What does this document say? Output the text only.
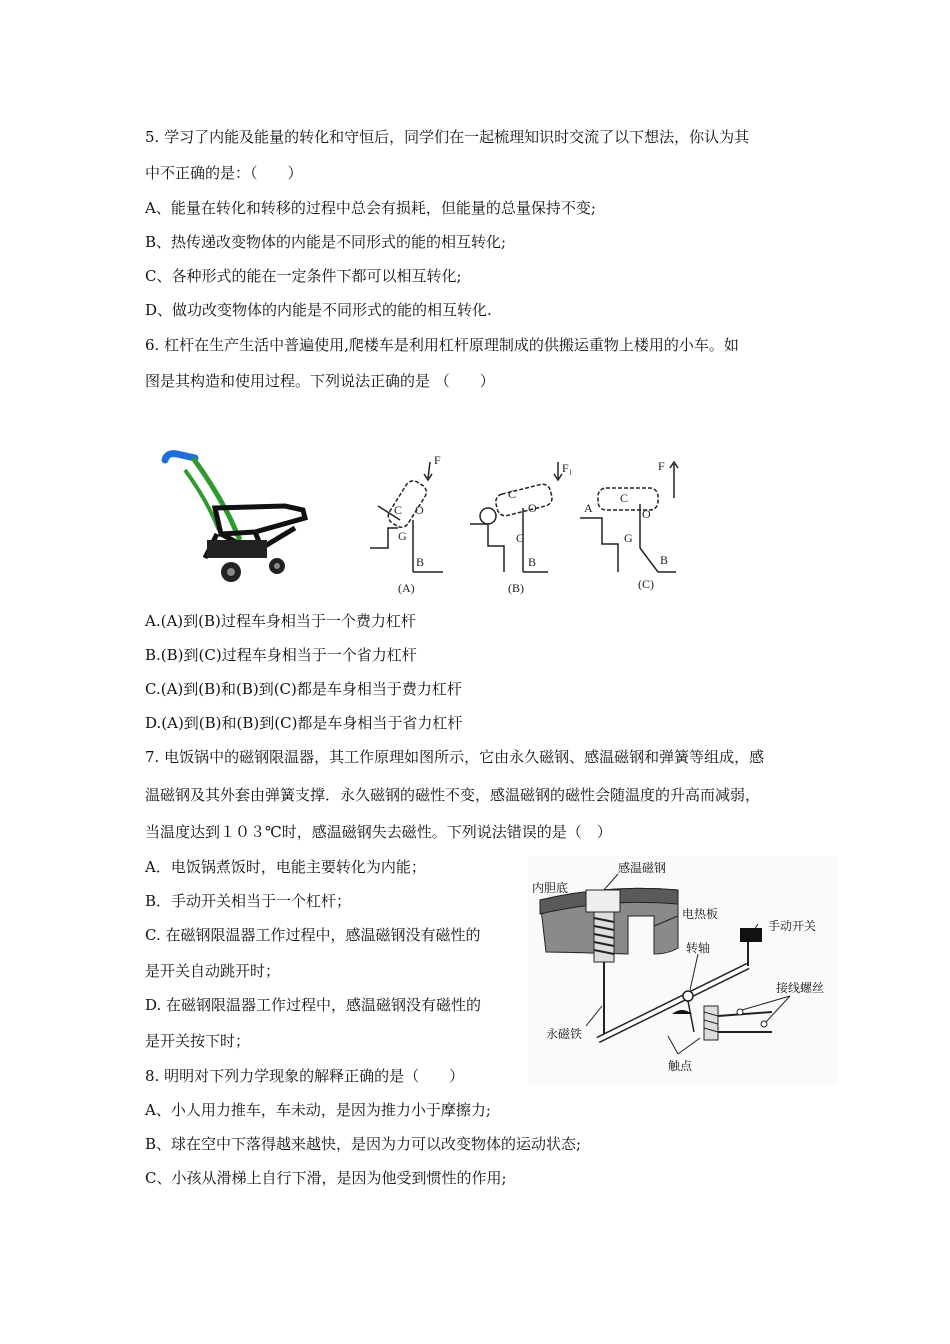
5. 学习了内能及能量的转化和守恒后，同学们在一起梳理知识时交流了以下想法，你认为其
中不正确的是：（　　）
A、能量在转化和转移的过程中总会有损耗，但能量的总量保持不变;
B、热传递改变物体的内能是不同形式的能的相互转化;
C、各种形式的能在一定条件下都可以相互转化;
D、做功改变物体的内能是不同形式的能的相互转化.
6. 杠杆在生产生活中普遍使用,爬楼车是利用杠杆原理制成的供搬运重物上楼用的小车。如
图是其构造和使用过程。下列说法正确的是 （　　）
F
C O
G
B
(A)
F₁
C
O
G
B
(B)
F
A
C
O
G
B
(C)
A.(A)到(B)过程车身相当于一个费力杠杆
B.(B)到(C)过程车身相当于一个省力杠杆
C.(A)到(B)和(B)到(C)都是车身相当于费力杠杆
D.(A)到(B)和(B)到(C)都是车身相当于省力杠杆
7. 电饭锅中的磁钢限温器，其工作原理如图所示，它由永久磁钢、感温磁钢和弹簧等组成，感
温磁钢及其外套由弹簧支撑．永久磁钢的磁性不变，感温磁钢的磁性会随温度的升高而减弱，
当温度达到１０３℃时，感温磁钢失去磁性。下列说法错误的是（　）
A．电饭锅煮饭时，电能主要转化为内能；
B．手动开关相当于一个杠杆；
C. 在磁钢限温器工作过程中，感温磁钢没有磁性的
是开关自动跳开时；
D. 在磁钢限温器工作过程中，感温磁钢没有磁性的
是开关按下时；
感温磁钢
内胆底
电热板
手动开关
转轴
永磁铁
接线螺丝
触点
8. 明明对下列力学现象的解释正确的是（　　）
A、小人用力推车，车未动，是因为推力小于摩擦力;
B、球在空中下落得越来越快，是因为力可以改变物体的运动状态;
C、小孩从滑梯上自行下滑，是因为他受到惯性的作用;
